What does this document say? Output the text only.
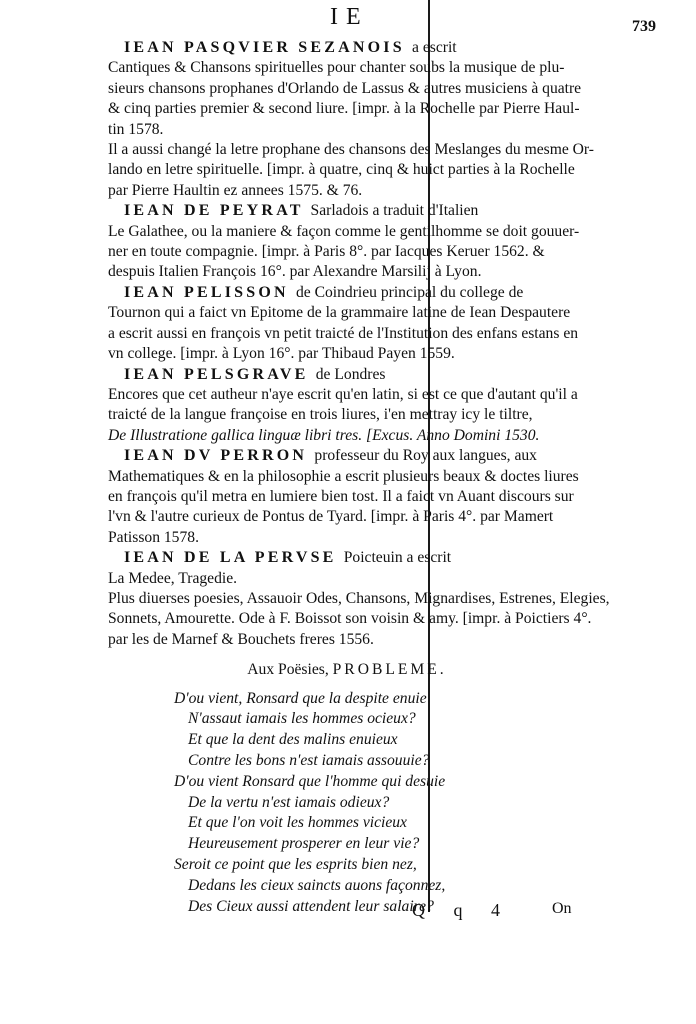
IE	739
IEAN PASQVIER SEZANOIS a escrit
Cantiques & Chansons spirituelles pour chanter soubs la musique de plu-
sieurs chansons prophanes d'Orlando de Lassus & autres musiciens à quatre
& cinq parties premier & second liure. [impr. à la Rochelle par Pierre Haul-
tin 1578.
Il a aussi changé la letre prophane des chansons des Meslanges du mesme Or-
lando en letre spirituelle. [impr. à quatre, cinq & huict parties à la Rochelle
par Pierre Haultin ez annees 1575. & 76.
IEAN DE PEYRAT Sarladois a traduit d'Italien
Le Galathee, ou la maniere & façon comme le gentilhomme se doit gouuer-
ner en toute compagnie. [impr. à Paris 8°. par Iacques Keruer 1562. &
despuis Italien François 16°. par Alexandre Marsilij à Lyon.
IEAN PELISSON de Coindrieu principal du college de
Tournon qui a faict vn Epitome de la grammaire latine de Iean Despautere
a escrit aussi en françois vn petit traicté de l'Institution des enfans estans en
vn college. [impr. à Lyon 16°. par Thibaud Payen 1559.
IEAN PELSGRAVE de Londres
Encores que cet autheur n'aye escrit qu'en latin, si est ce que d'autant qu'il a
traicté de la langue françoise en trois liures, i'en mettray icy le tiltre,
De Illustratione gallica linguæ libri tres. [Excus. Anno Domini 1530.
IEAN DV PERRON professeur du Roy aux langues, aux
Mathematiques & en la philosophie a escrit plusieurs beaux & doctes liures
en françois qu'il metra en lumiere bien tost. Il a faict vn Auant discours sur
l'vn & l'autre curieux de Pontus de Tyard. [impr. à Paris 4°. par Mamert
Patisson 1578.
IEAN DE LA PERVSE Poicteuin a escrit
La Medee, Tragedie.
Plus diuerses poesies, Assauoir Odes, Chansons, Mignardises, Estrenes, Elegies,
Sonnets, Amourette. Ode à F. Boissot son voisin & amy. [impr. à Poictiers 4°.
par les de Marnef & Bouchets freres 1556.
Aux Poësies, PROBLEME.
D'ou vient, Ronsard que la despite enuie
N'assaut iamais les hommes ocieux?
Et que la dent des malins enuieux
Contre les bons n'est iamais assouuie?
D'ou vient Ronsard que l'homme qui desuie
De la vertu n'est iamais odieux?
Et que l'on voit les hommes vicieux
Heureusement prosperer en leur vie?
Seroit ce point que les esprits bien nez,
Dedans les cieux saincts auons façonnez,
Des Cieux aussi attendent leur salaire?
Q q 4	On
